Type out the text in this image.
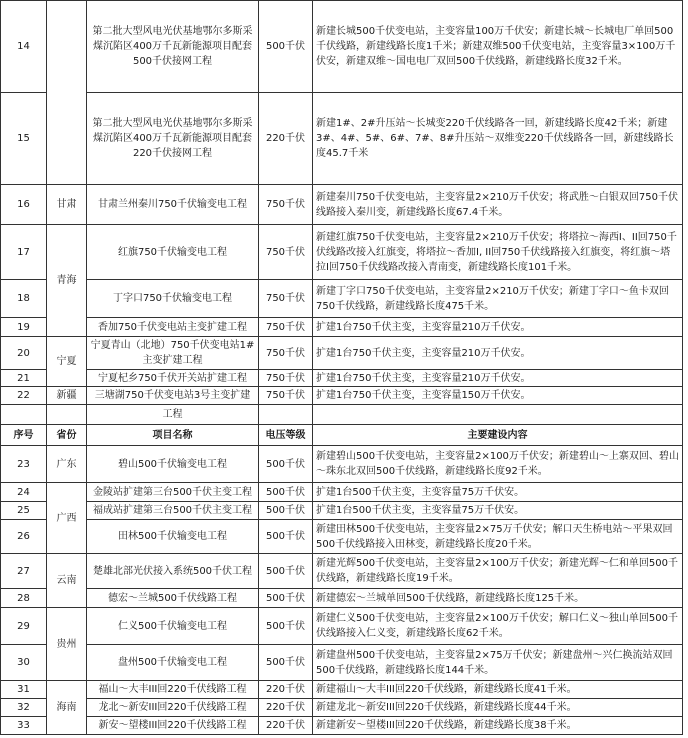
14		第二批大型风电光伏基地鄂尔多斯采煤沉陷区400万千瓦新能源项目配套500千伏接网工程	500千伏	新建长城500千伏变电站，主变容量100万千伏安；新建长城～长城电厂单回500千伏线路，新建线路长度1千米；新建双维500千伏变电站，主变容量3×100万千伏安，新建双维～国电电厂双回500千伏线路，新建线路长度32千米。
15		第二批大型风电光伏基地鄂尔多斯采煤沉陷区400万千瓦新能源项目配套220千伏接网工程	220千伏	新建1#、2#升压站～长城变220千伏线路各一回，新建线路长度42千米；新建3#、4#、5#、6#、7#、8#升压站～双维变220千伏线路各一回，新建线路长度45.7千米
16	甘肃	甘肃兰州秦川750千伏输变电工程	750千伏	新建秦川750千伏变电站，主变容量2×210万千伏安；将武胜～白银双回750千伏线路接入秦川变，新建线路长度67.4千米。
17	青海	红旗750千伏输变电工程	750千伏	新建红旗750千伏变电站，主变容量2×210万千伏安；将塔拉～海西I、II回750千伏线路改接入红旗变，将塔拉～香加I, II回750千伏线路接入红旗变，将红旗～塔拉I回750千伏线路改接入青南变，新建线路长度101千米。
18		丁字口750千伏输变电工程	750千伏	新建丁字口750千伏变电站，主变容量2×210万千伏安；新建丁字口～鱼卡双回750千伏线路，新建线路长度475千米。
19		香加750千伏变电站主变扩建工程	750千伏	扩建1台750千伏主变，主变容量210万千伏安。
20	宁夏	宁夏青山（北地）750千伏变电站1#主变扩建工程	750千伏	扩建1台750千伏主变，主变容量210万千伏安。
21		宁夏杞乡750千伏开关站扩建工程	750千伏	扩建1台750千伏主变，主变容量210万千伏安。
22	新疆	三塘湖750千伏变电站3号主变扩建	750千伏	扩建1台750千伏主变，主变容量150万千伏安。
		工程		
序号	省份	项目名称	电压等级	主要建设内容
23	广东	碧山500千伏输变电工程	500千伏	新建碧山500千伏变电站，主变容量2×100万千伏安；新建碧山～上寨双回、碧山～珠东北双回500千伏线路，新建线路长度92千米。
24	广西	金陵站扩建第三台500千伏主变工程	500千伏	扩建1台500千伏主变，主变容量75万千伏安。
25		福成站扩建第三台500千伏主变工程	500千伏	扩建1台500千伏主变，主变容量75万千伏安。
26		田林500千伏输变电工程	500千伏	新建田林500千伏变电站，主变容量2×75万千伏安；解口天生桥电站～平果双回500千伏线路接入田林变，新建线路长度20千米。
27	云南	楚雄北部光伏接入系统500千伏工程	500千伏	新建光辉500千伏变电站，主变容量2×100万千伏安；新建光辉～仁和单回500千伏线路，新建线路长度19千米。
28		德宏～兰城500千伏线路工程	500千伏	新建德宏～兰城单回500千伏线路，新建线路长度125千米。
29	贵州	仁义500千伏输变电工程	500千伏	新建仁义500千伏变电站，主变容量2×100万千伏安；解口仁义～独山单回500千伏线路接入仁义变，新建线路长度62千米。
30		盘州500千伏输变电工程	500千伏	新建盘州500千伏变电站，主变容量2×75万千伏安；新建盘州～兴仁换流站双回500千伏线路，新建线路长度144千米。
31	海南	福山～大丰III回220千伏线路工程	220千伏	新建福山～大丰III回220千伏线路，新建线路长度41千米。
32		龙北～新安III回220千伏线路工程	220千伏	新建龙北～新安III回220千伏线路，新建线路长度44千米。
33		新安～望楼III回220千伏线路工程	220千伏	新建新安～望楼III回220千伏线路，新建线路长度38千米。
